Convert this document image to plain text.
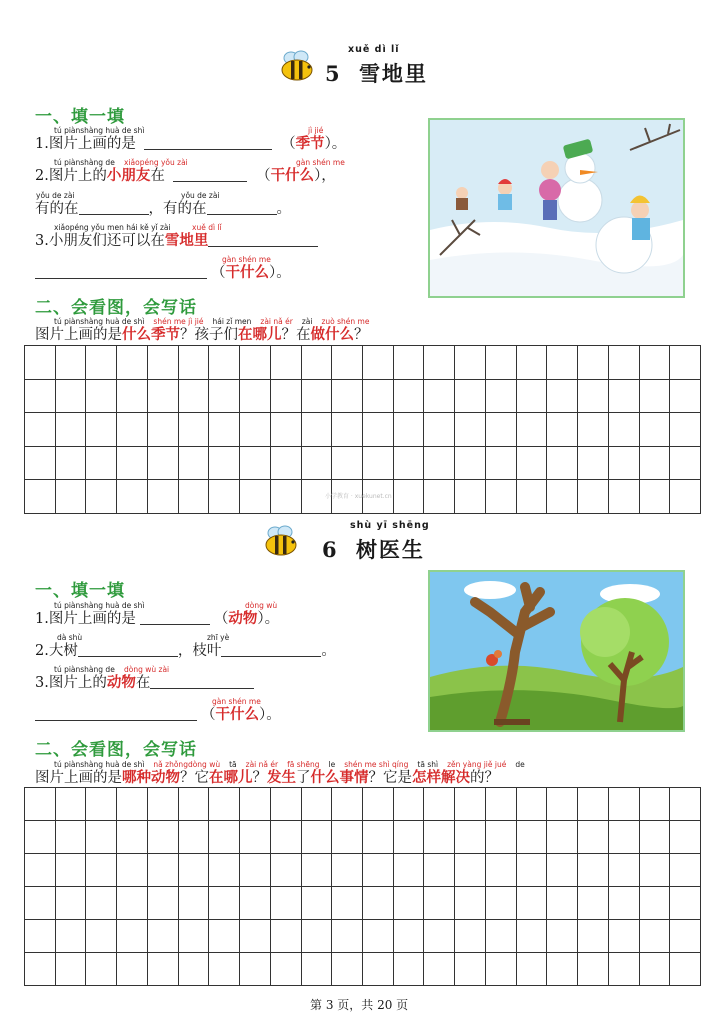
xuě dì lǐ
5 雪地里
一、填一填
tú piànshàng huà de shì	jì jié
1.图片上画的是	（季节）。
tú piànshàng de xiǎopéng yǒu zài	gàn shén me
2.图片上的小朋友在	（干什么），
yǒu de zài	yǒu de zài
有的在	，有的在	。
xiǎopéng yǒu men hái kě yǐ zài	xuě dì lǐ
3.小朋友们还可以在雪地里
gàn shén me
（干什么）。
二、会看图，会写话
tú piànshàng huà de shì shén me jì jié hái zǐ men zài nǎ ér zài zuò shén me
图片上画的是什么季节？孩子们在哪儿？在做什么？
小学教育 · xuekunet.cn
shù yī shēng
6 树医生
一、填一填
tú piànshàng huà de shì	dòng wù
1.图片上画的是	（动物）。
dà shù	zhī yè
2.大树	，枝叶	。
tú piànshàng de dòng wù zài
3.图片上的动物在
gàn shén me
（干什么）。
二、会看图，会写话
tú piànshàng huà de shì nǎ zhǒngdòng wù tā zài nǎ ér fā shēng le shén me shì qíng tā shì zěn yàng jiě jué de
图片上画的是哪种动物？它在哪儿？发生了什么事情？它是怎样解决的？
第 3 页，共 20 页
